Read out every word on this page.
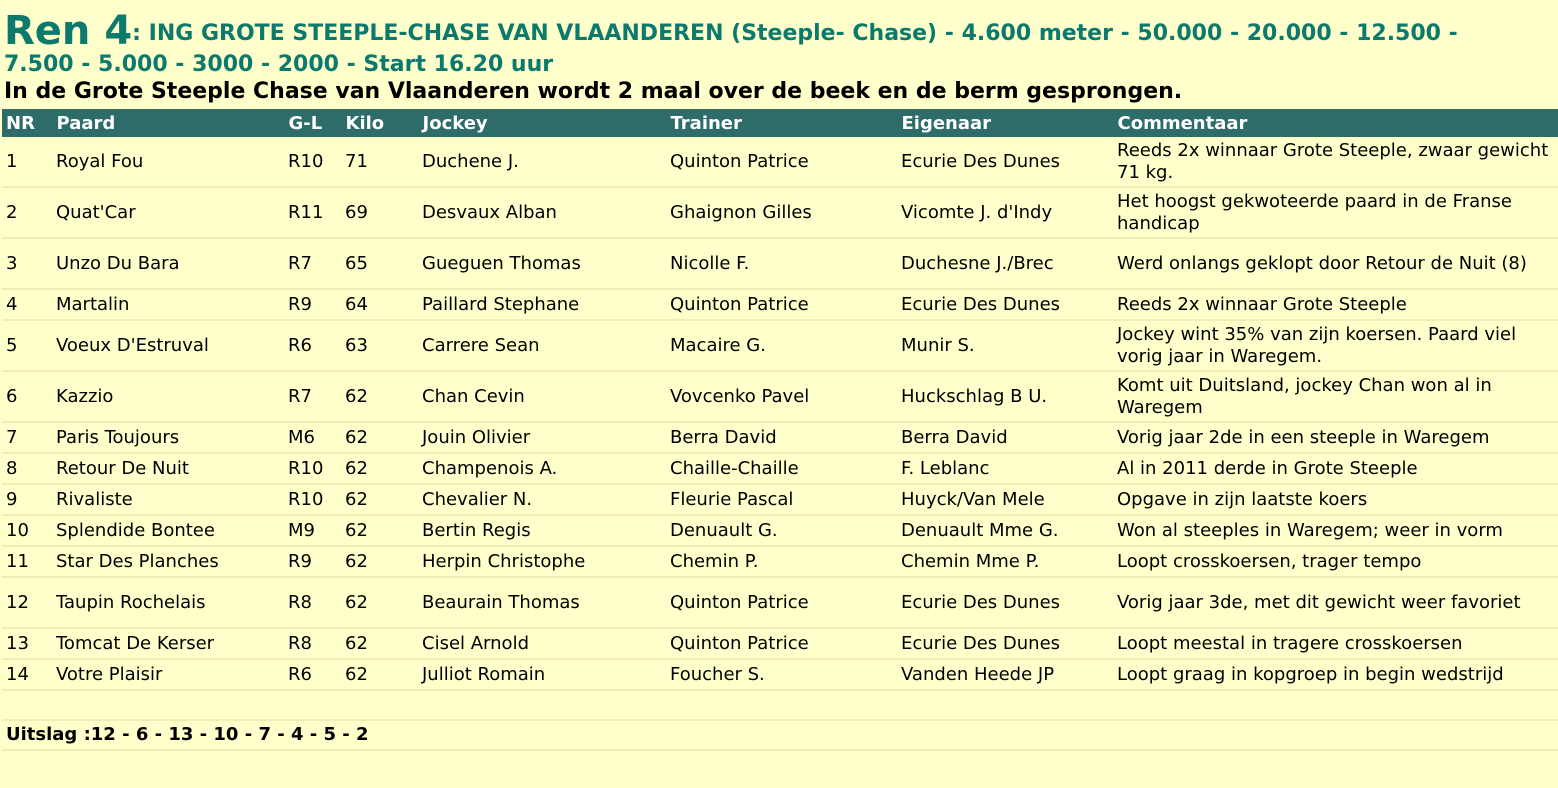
Ren 4 : ING GROTE STEEPLE-CHASE VAN VLAANDEREN (Steeple- Chase) - 4.600 meter - 50.000 - 20.000 - 12.500 -
7.500 - 5.000 - 3000 - 2000 - Start 16.20 uur
In de Grote Steeple Chase van Vlaanderen wordt 2 maal over de beek en de berm gesprongen.
NR	Paard	G-L	Kilo	Jockey	Trainer	Eigenaar	Commentaar
1	Royal Fou	R10	71	Duchene J.	Quinton Patrice	Ecurie Des Dunes	Reeds 2x winnaar Grote Steeple, zwaar gewicht 71 kg.
2	Quat'Car	R11	69	Desvaux Alban	Ghaignon Gilles	Vicomte J. d'Indy	Het hoogst gekwoteerde paard in de Franse handicap
3	Unzo Du Bara	R7	65	Gueguen Thomas	Nicolle F.	Duchesne J./Brec	Werd onlangs geklopt door Retour de Nuit (8)
4	Martalin	R9	64	Paillard Stephane	Quinton Patrice	Ecurie Des Dunes	Reeds 2x winnaar Grote Steeple
5	Voeux D'Estruval	R6	63	Carrere Sean	Macaire G.	Munir S.	Jockey wint 35% van zijn koersen. Paard viel vorig jaar in Waregem.
6	Kazzio	R7	62	Chan Cevin	Vovcenko Pavel	Huckschlag B U.	Komt uit Duitsland, jockey Chan won al in Waregem
7	Paris Toujours	M6	62	Jouin Olivier	Berra David	Berra David	Vorig jaar 2de in een steeple in Waregem
8	Retour De Nuit	R10	62	Champenois A.	Chaille-Chaille	F. Leblanc	Al in 2011 derde in Grote Steeple
9	Rivaliste	R10	62	Chevalier N.	Fleurie Pascal	Huyck/Van Mele	Opgave in zijn laatste koers
10	Splendide Bontee	M9	62	Bertin Regis	Denuault G.	Denuault Mme G.	Won al steeples in Waregem; weer in vorm
11	Star Des Planches	R9	62	Herpin Christophe	Chemin P.	Chemin Mme P.	Loopt crosskoersen, trager tempo
12	Taupin Rochelais	R8	62	Beaurain Thomas	Quinton Patrice	Ecurie Des Dunes	Vorig jaar 3de, met dit gewicht weer favoriet
13	Tomcat De Kerser	R8	62	Cisel Arnold	Quinton Patrice	Ecurie Des Dunes	Loopt meestal in tragere crosskoersen
14	Votre Plaisir	R6	62	Julliot Romain	Foucher S.	Vanden Heede JP	Loopt graag in kopgroep in begin wedstrijd

Uitslag :12 - 6 - 13 - 10 - 7 - 4 - 5 - 2							
